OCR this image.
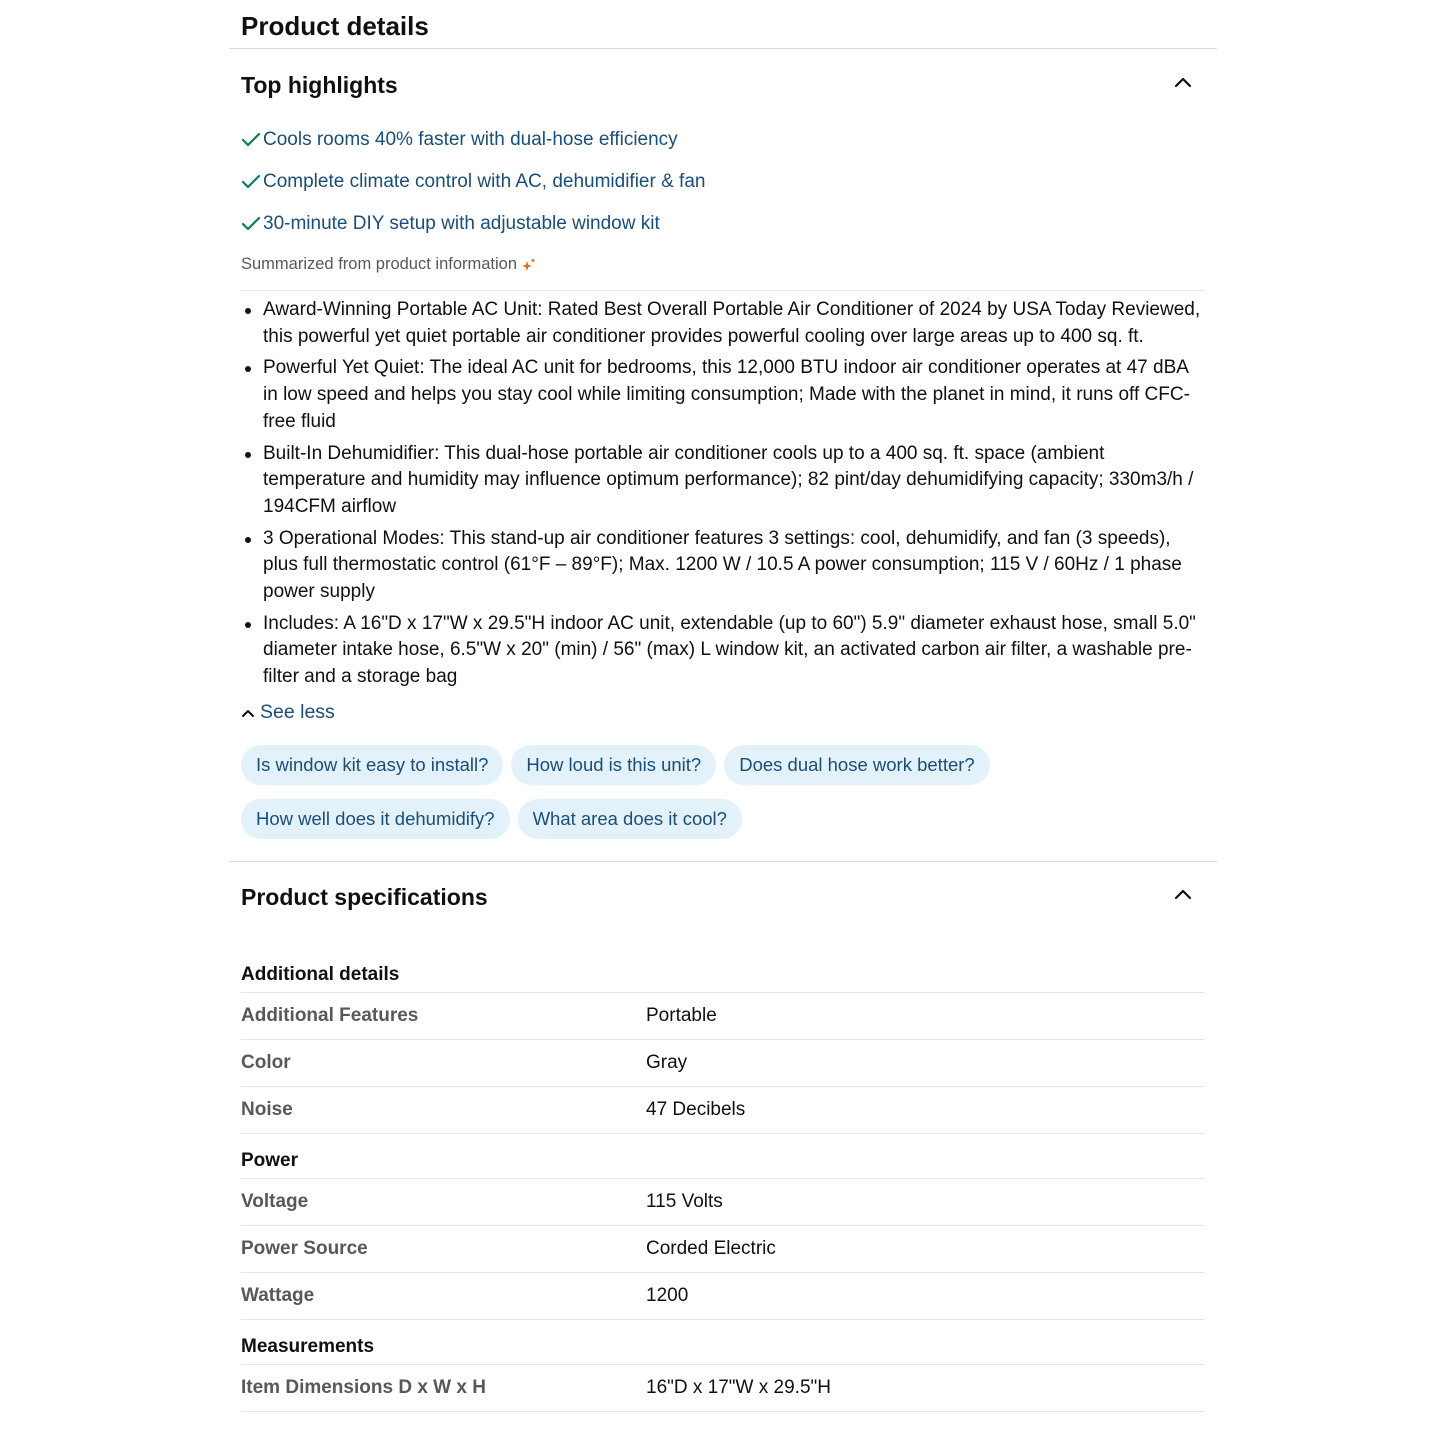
Product details
Top highlights
Cools rooms 40% faster with dual-hose efficiency
Complete climate control with AC, dehumidifier & fan
30-minute DIY setup with adjustable window kit
Summarized from product information
Award-Winning Portable AC Unit: Rated Best Overall Portable Air Conditioner of 2024 by USA Today Reviewed, this powerful yet quiet portable air conditioner provides powerful cooling over large areas up to 400 sq. ft.
Powerful Yet Quiet: The ideal AC unit for bedrooms, this 12,000 BTU indoor air conditioner operates at 47 dBA in low speed and helps you stay cool while limiting consumption; Made with the planet in mind, it runs off CFC-free fluid
Built-In Dehumidifier: This dual-hose portable air conditioner cools up to a 400 sq. ft. space (ambient temperature and humidity may influence optimum performance); 82 pint/day dehumidifying capacity; 330m3/h / 194CFM airflow
3 Operational Modes: This stand-up air conditioner features 3 settings: cool, dehumidify, and fan (3 speeds), plus full thermostatic control (61°F – 89°F); Max. 1200 W / 10.5 A power consumption; 115 V / 60Hz / 1 phase power supply
Includes: A 16"D x 17"W x 29.5"H indoor AC unit, extendable (up to 60") 5.9" diameter exhaust hose, small 5.0" diameter intake hose, 6.5"W x 20" (min) / 56" (max) L window kit, an activated carbon air filter, a washable pre-filter and a storage bag
See less
Is window kit easy to install?	How loud is this unit?	Does dual hose work better?
How well does it dehumidify?	What area does it cool?
Product specifications
Additional details
Additional Features	Portable
Color	Gray
Noise	47 Decibels
Power
Voltage	115 Volts
Power Source	Corded Electric
Wattage	1200
Measurements
Item Dimensions D x W x H	16"D x 17"W x 29.5"H
